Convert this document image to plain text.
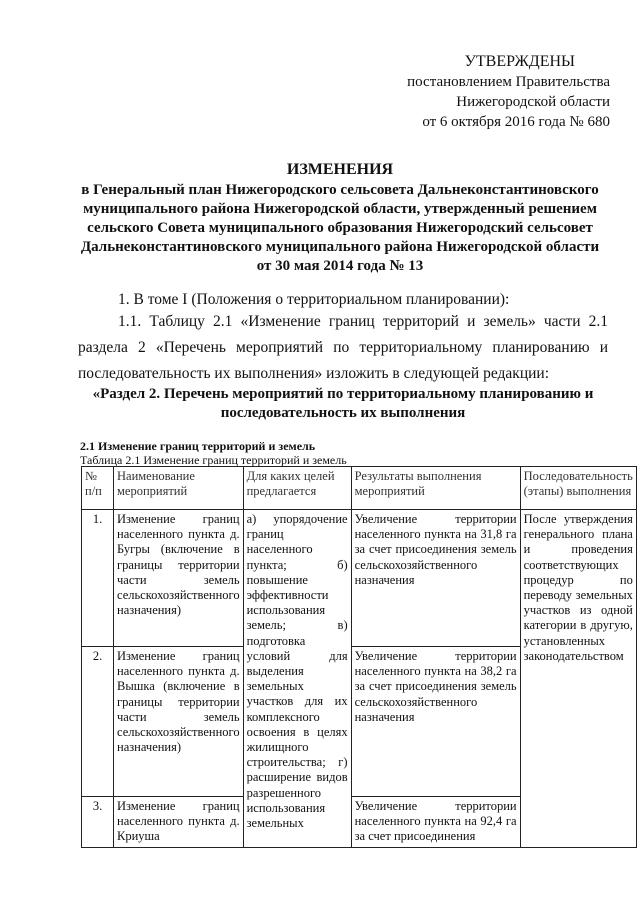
УТВЕРЖДЕНЫ
постановлением Правительства
Нижегородской области
от 6 октября 2016 года № 680
ИЗМЕНЕНИЯ
в Генеральный план Нижегородского сельсовета Дальнеконстантиновского муниципального района Нижегородской области, утвержденный решением сельского Совета муниципального образования Нижегородский сельсовет Дальнеконстантиновского муниципального района Нижегородской области от 30 мая 2014 года № 13
1. В томе I (Положения о территориальном планировании):
1.1. Таблицу 2.1 «Изменение границ территорий и земель» части 2.1 раздела 2 «Перечень мероприятий по территориальному планированию и последовательность их выполнения» изложить в следующей редакции:
«Раздел 2. Перечень мероприятий по территориальному планированию и последовательность их выполнения
2.1 Изменение границ территорий и земель
Таблица 2.1 Изменение границ территорий и земель
№ п/п	Наименование мероприятий	Для каких целей предлагается	Результаты выполнения мероприятий	Последовательность (этапы) выполнения
1.	Изменение границ населенного пункта д. Бугры (включение в границы территории части земель сельскохозяйственного назначения)	а) упорядочение границ населенного пункта; б) повышение эффективности использования земель; в) подготовка условий для выделения земельных участков для их комплексного освоения в целях жилищного строительства; г) расширение видов разрешенного использования земельных	Увеличение территории населенного пункта на 31,8 га за счет присоединения земель сельскохозяйственного назначения	После утверждения генерального плана и проведения соответствующих процедур по переводу земельных участков из одной категории в другую, установленных законодательством
2.	Изменение границ населенного пункта д. Вышка (включение в границы территории части земель сельскохозяйственного назначения)		Увеличение территории населенного пункта на 38,2 га за счет присоединения земель сельскохозяйственного назначения	
3.	Изменение границ населенного пункта д. Криуша		Увеличение территории населенного пункта на 92,4 га за счет присоединения	
